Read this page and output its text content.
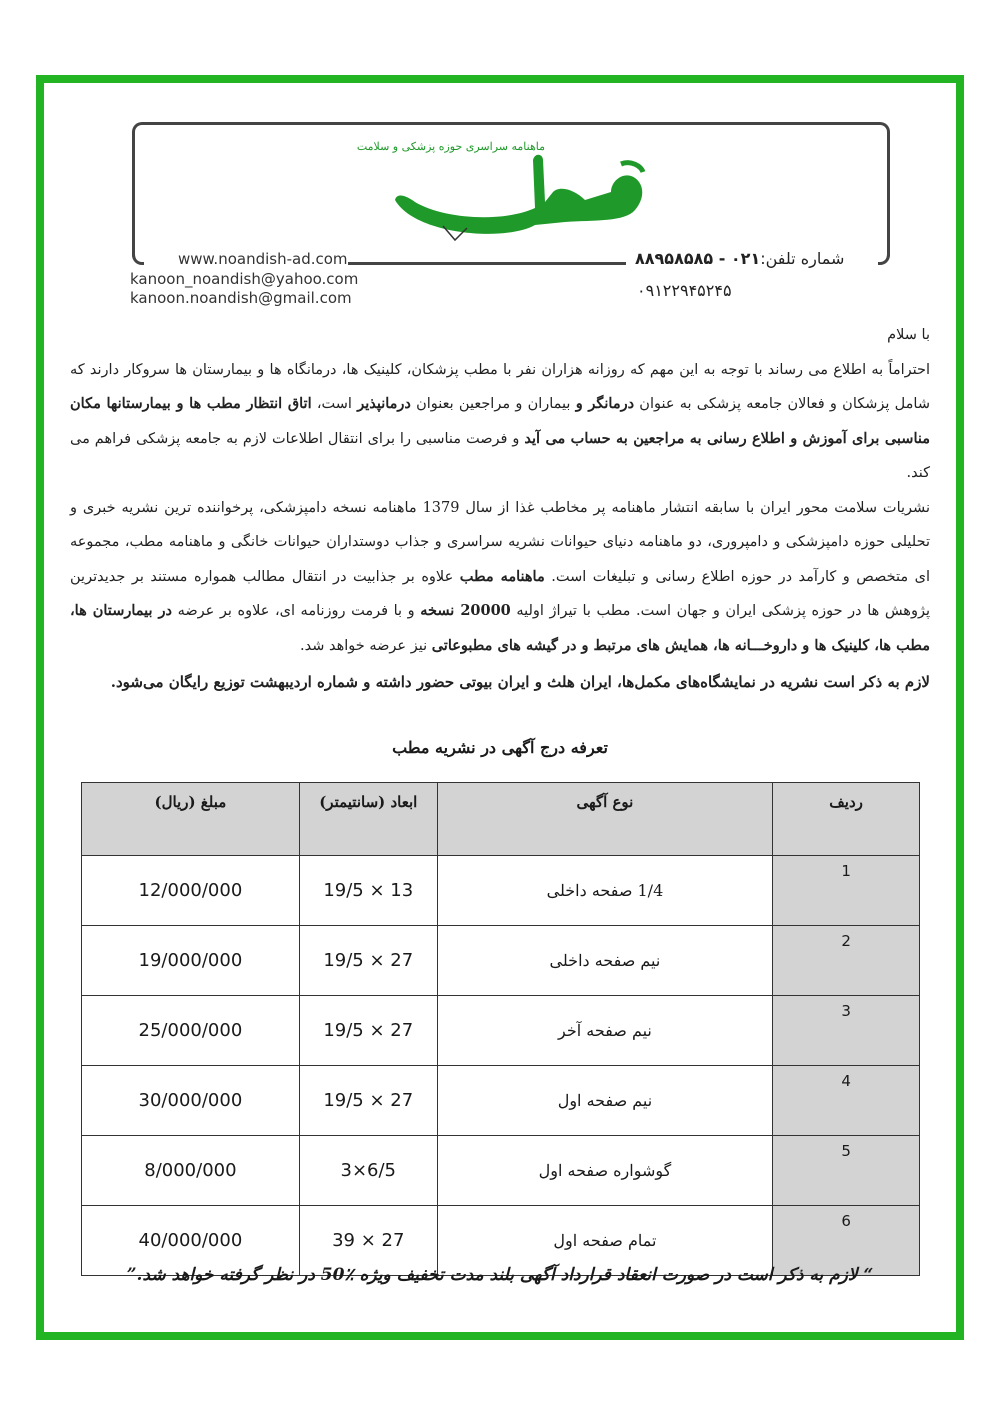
ماهنامه سراسری حوزه پزشکی و سلامت
مطب
www.noandish-ad.com
kanoon_noandish@yahoo.com
kanoon.noandish@gmail.com
شماره تلفن:۰۲۱ - ۸۸۹۵۸۵۸۵
۰۹۱۲۲۹۴۵۲۴۵

با سلام

احتراماً به اطلاع می رساند با توجه به این مهم که روزانه هزاران نفر با مطب پزشکان، کلینیک ها، درمانگاه ها و بیمارستان ها سروکار دارند که شامل پزشکان و فعالان جامعه پزشکی به عنوان درمانگر و بیماران و مراجعین بعنوان درمانپذیر است، اتاق انتظار مطب ها و بیمارستانها مکان مناسبی برای آموزش و اطلاع رسانی به مراجعین به حساب می آید و فرصت مناسبی را برای انتقال اطلاعات لازم به جامعه پزشکی فراهم می کند.

نشریات سلامت محور ایران با سابقه انتشار ماهنامه پر مخاطب غذا از سال 1379 ماهنامه نسخه دامپزشکی، پرخواننده ترین نشریه خبری و تحلیلی حوزه دامپزشکی و دامپروری، دو ماهنامه دنیای حیوانات نشریه سراسری و جذاب دوستداران حیوانات خانگی و ماهنامه مطب، مجموعه ای متخصص و کارآمد در حوزه اطلاع رسانی و تبلیغات است. ماهنامه مطب علاوه بر جذابیت در انتقال مطالب همواره مستند بر جدیدترین پژوهش ها در حوزه پزشکی ایران و جهان است. مطب با تیراژ اولیه 20000 نسخه و با فرمت روزنامه ای، علاوه بر عرضه در بیمارستان ها، مطب ها، کلینیک ها و داروخـــانه ها، همایش های مرتبط و در گیشه های مطبوعاتی نیز عرضه خواهد شد.

لازم به ذکر است نشریه در نمایشگاه‌های مکمل‌ها، ایران هلث و ایران بیوتی حضور داشته و شماره اردیبهشت توزیع رایگان می‌شود.

تعرفه درج آگهی در نشریه مطب
ردیف	نوع آگهی	ابعاد (سانتیمتر)	مبلغ (ریال)
1	1/4 صفحه داخلی	13 × 19/5	12/000/000
2	نیم صفحه داخلی	27 × 19/5	19/000/000
3	نیم صفحه آخر	27 × 19/5	25/000/000
4	نیم صفحه اول	27 × 19/5	30/000/000
5	گوشواره صفحه اول	6/5×3	8/000/000
6	تمام صفحه اول	27 × 39	40/000/000
“ لازم به ذکر است در صورت انعقاد قرارداد آگهی بلند مدت تخفیف ویژه ٪50 در نظر گرفته خواهد شد.”
